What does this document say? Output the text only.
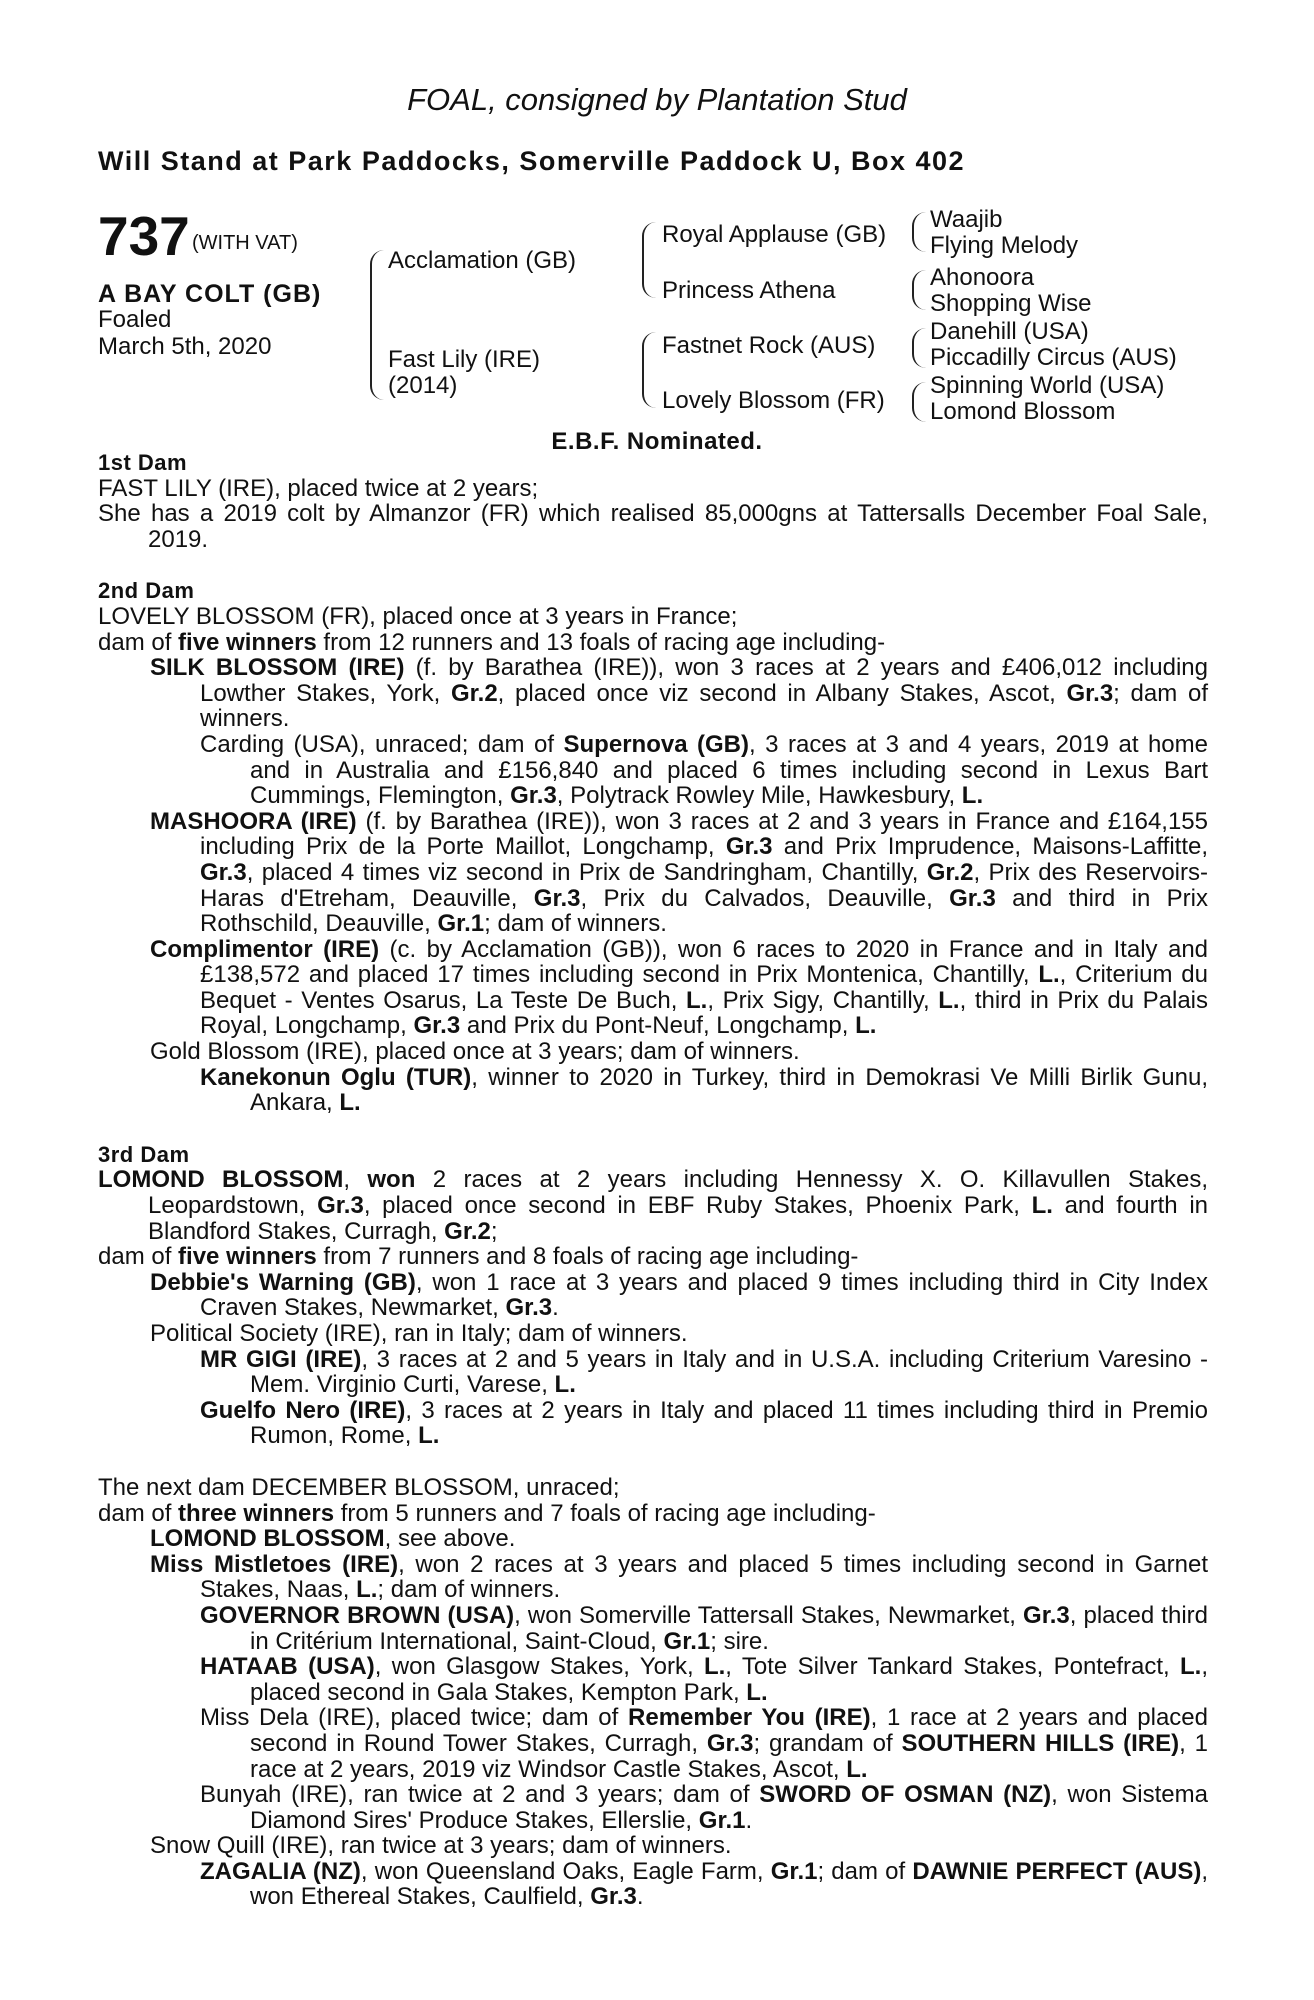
FOAL, consigned by Plantation Stud
Will Stand at Park Paddocks, Somerville Paddock U, Box 402
737 (WITH VAT)
A BAY COLT (GB)
Foaled
March 5th, 2020
Acclamation (GB)
Fast Lily (IRE)
(2014)
Royal Applause (GB)
Princess Athena
Fastnet Rock (AUS)
Lovely Blossom (FR)
Waajib
Flying Melody
Ahonoora
Shopping Wise
Danehill (USA)
Piccadilly Circus (AUS)
Spinning World (USA)
Lomond Blossom
E.B.F. Nominated.
1st Dam
FAST LILY (IRE), placed twice at 2 years;
She has a 2019 colt by Almanzor (FR) which realised 85,000gns at Tattersalls December Foal Sale, 2019.
2nd Dam
LOVELY BLOSSOM (FR), placed once at 3 years in France;
dam of five winners from 12 runners and 13 foals of racing age including-
SILK BLOSSOM (IRE) (f. by Barathea (IRE)), won 3 races at 2 years and £406,012 including Lowther Stakes, York, Gr.2, placed once viz second in Albany Stakes, Ascot, Gr.3; dam of winners.
Carding (USA), unraced; dam of Supernova (GB), 3 races at 3 and 4 years, 2019 at home and in Australia and £156,840 and placed 6 times including second in Lexus Bart Cummings, Flemington, Gr.3, Polytrack Rowley Mile, Hawkesbury, L.
MASHOORA (IRE) (f. by Barathea (IRE)), won 3 races at 2 and 3 years in France and £164,155 including Prix de la Porte Maillot, Longchamp, Gr.3 and Prix Imprudence, Maisons-Laffitte, Gr.3, placed 4 times viz second in Prix de Sandringham, Chantilly, Gr.2, Prix des Reservoirs-Haras d'Etreham, Deauville, Gr.3, Prix du Calvados, Deauville, Gr.3 and third in Prix Rothschild, Deauville, Gr.1; dam of winners.
Complimentor (IRE) (c. by Acclamation (GB)), won 6 races to 2020 in France and in Italy and £138,572 and placed 17 times including second in Prix Montenica, Chantilly, L., Criterium du Bequet - Ventes Osarus, La Teste De Buch, L., Prix Sigy, Chantilly, L., third in Prix du Palais Royal, Longchamp, Gr.3 and Prix du Pont-Neuf, Longchamp, L.
Gold Blossom (IRE), placed once at 3 years; dam of winners.
Kanekonun Oglu (TUR), winner to 2020 in Turkey, third in Demokrasi Ve Milli Birlik Gunu, Ankara, L.
3rd Dam
LOMOND BLOSSOM, won 2 races at 2 years including Hennessy X. O. Killavullen Stakes, Leopardstown, Gr.3, placed once second in EBF Ruby Stakes, Phoenix Park, L. and fourth in Blandford Stakes, Curragh, Gr.2;
dam of five winners from 7 runners and 8 foals of racing age including-
Debbie's Warning (GB), won 1 race at 3 years and placed 9 times including third in City Index Craven Stakes, Newmarket, Gr.3.
Political Society (IRE), ran in Italy; dam of winners.
MR GIGI (IRE), 3 races at 2 and 5 years in Italy and in U.S.A. including Criterium Varesino - Mem. Virginio Curti, Varese, L.
Guelfo Nero (IRE), 3 races at 2 years in Italy and placed 11 times including third in Premio Rumon, Rome, L.
The next dam DECEMBER BLOSSOM, unraced;
dam of three winners from 5 runners and 7 foals of racing age including-
LOMOND BLOSSOM, see above.
Miss Mistletoes (IRE), won 2 races at 3 years and placed 5 times including second in Garnet Stakes, Naas, L.; dam of winners.
GOVERNOR BROWN (USA), won Somerville Tattersall Stakes, Newmarket, Gr.3, placed third in Critérium International, Saint-Cloud, Gr.1; sire.
HATAAB (USA), won Glasgow Stakes, York, L., Tote Silver Tankard Stakes, Pontefract, L., placed second in Gala Stakes, Kempton Park, L.
Miss Dela (IRE), placed twice; dam of Remember You (IRE), 1 race at 2 years and placed second in Round Tower Stakes, Curragh, Gr.3; grandam of SOUTHERN HILLS (IRE), 1 race at 2 years, 2019 viz Windsor Castle Stakes, Ascot, L.
Bunyah (IRE), ran twice at 2 and 3 years; dam of SWORD OF OSMAN (NZ), won Sistema Diamond Sires' Produce Stakes, Ellerslie, Gr.1.
Snow Quill (IRE), ran twice at 3 years; dam of winners.
ZAGALIA (NZ), won Queensland Oaks, Eagle Farm, Gr.1; dam of DAWNIE PERFECT (AUS), won Ethereal Stakes, Caulfield, Gr.3.
